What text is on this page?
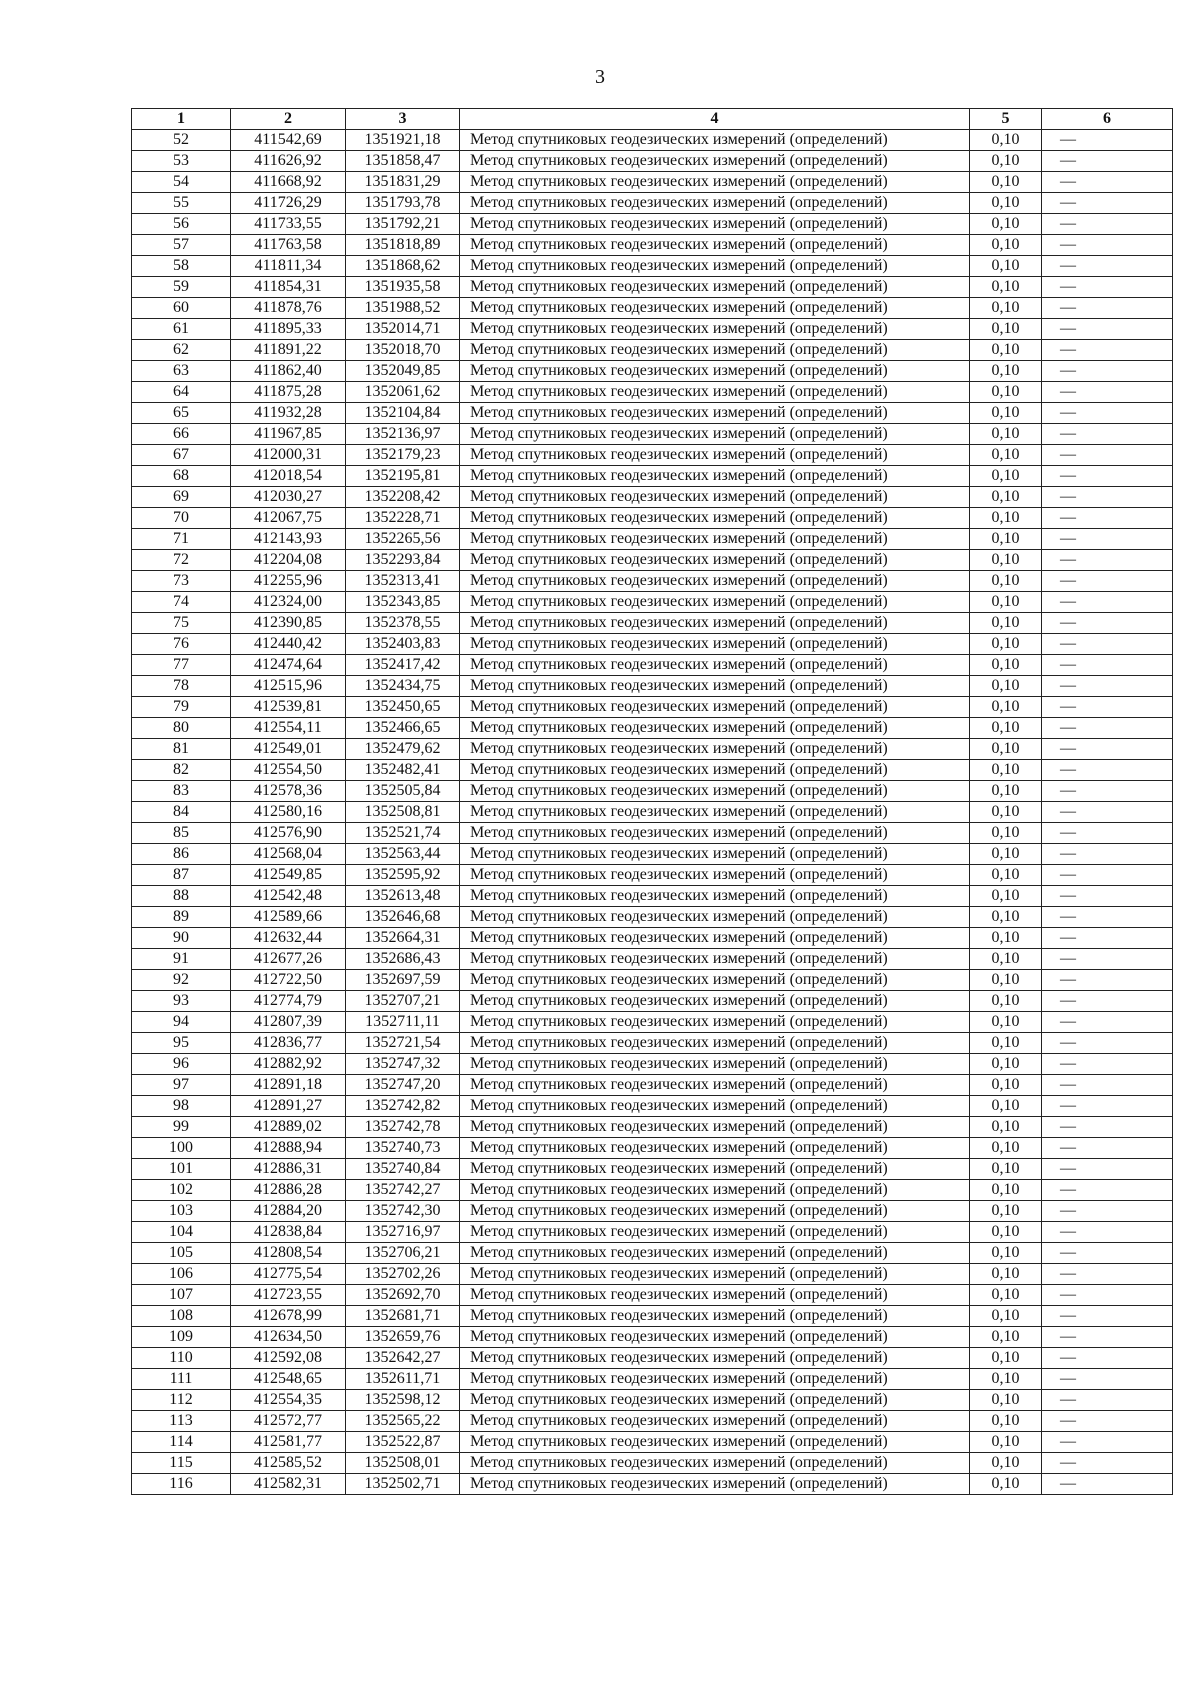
3
1	2	3	4	5	6
52	411542,69	1351921,18	Метод спутниковых геодезических измерений (определений)	0,10	—
53	411626,92	1351858,47	Метод спутниковых геодезических измерений (определений)	0,10	—
54	411668,92	1351831,29	Метод спутниковых геодезических измерений (определений)	0,10	—
55	411726,29	1351793,78	Метод спутниковых геодезических измерений (определений)	0,10	—
56	411733,55	1351792,21	Метод спутниковых геодезических измерений (определений)	0,10	—
57	411763,58	1351818,89	Метод спутниковых геодезических измерений (определений)	0,10	—
58	411811,34	1351868,62	Метод спутниковых геодезических измерений (определений)	0,10	—
59	411854,31	1351935,58	Метод спутниковых геодезических измерений (определений)	0,10	—
60	411878,76	1351988,52	Метод спутниковых геодезических измерений (определений)	0,10	—
61	411895,33	1352014,71	Метод спутниковых геодезических измерений (определений)	0,10	—
62	411891,22	1352018,70	Метод спутниковых геодезических измерений (определений)	0,10	—
63	411862,40	1352049,85	Метод спутниковых геодезических измерений (определений)	0,10	—
64	411875,28	1352061,62	Метод спутниковых геодезических измерений (определений)	0,10	—
65	411932,28	1352104,84	Метод спутниковых геодезических измерений (определений)	0,10	—
66	411967,85	1352136,97	Метод спутниковых геодезических измерений (определений)	0,10	—
67	412000,31	1352179,23	Метод спутниковых геодезических измерений (определений)	0,10	—
68	412018,54	1352195,81	Метод спутниковых геодезических измерений (определений)	0,10	—
69	412030,27	1352208,42	Метод спутниковых геодезических измерений (определений)	0,10	—
70	412067,75	1352228,71	Метод спутниковых геодезических измерений (определений)	0,10	—
71	412143,93	1352265,56	Метод спутниковых геодезических измерений (определений)	0,10	—
72	412204,08	1352293,84	Метод спутниковых геодезических измерений (определений)	0,10	—
73	412255,96	1352313,41	Метод спутниковых геодезических измерений (определений)	0,10	—
74	412324,00	1352343,85	Метод спутниковых геодезических измерений (определений)	0,10	—
75	412390,85	1352378,55	Метод спутниковых геодезических измерений (определений)	0,10	—
76	412440,42	1352403,83	Метод спутниковых геодезических измерений (определений)	0,10	—
77	412474,64	1352417,42	Метод спутниковых геодезических измерений (определений)	0,10	—
78	412515,96	1352434,75	Метод спутниковых геодезических измерений (определений)	0,10	—
79	412539,81	1352450,65	Метод спутниковых геодезических измерений (определений)	0,10	—
80	412554,11	1352466,65	Метод спутниковых геодезических измерений (определений)	0,10	—
81	412549,01	1352479,62	Метод спутниковых геодезических измерений (определений)	0,10	—
82	412554,50	1352482,41	Метод спутниковых геодезических измерений (определений)	0,10	—
83	412578,36	1352505,84	Метод спутниковых геодезических измерений (определений)	0,10	—
84	412580,16	1352508,81	Метод спутниковых геодезических измерений (определений)	0,10	—
85	412576,90	1352521,74	Метод спутниковых геодезических измерений (определений)	0,10	—
86	412568,04	1352563,44	Метод спутниковых геодезических измерений (определений)	0,10	—
87	412549,85	1352595,92	Метод спутниковых геодезических измерений (определений)	0,10	—
88	412542,48	1352613,48	Метод спутниковых геодезических измерений (определений)	0,10	—
89	412589,66	1352646,68	Метод спутниковых геодезических измерений (определений)	0,10	—
90	412632,44	1352664,31	Метод спутниковых геодезических измерений (определений)	0,10	—
91	412677,26	1352686,43	Метод спутниковых геодезических измерений (определений)	0,10	—
92	412722,50	1352697,59	Метод спутниковых геодезических измерений (определений)	0,10	—
93	412774,79	1352707,21	Метод спутниковых геодезических измерений (определений)	0,10	—
94	412807,39	1352711,11	Метод спутниковых геодезических измерений (определений)	0,10	—
95	412836,77	1352721,54	Метод спутниковых геодезических измерений (определений)	0,10	—
96	412882,92	1352747,32	Метод спутниковых геодезических измерений (определений)	0,10	—
97	412891,18	1352747,20	Метод спутниковых геодезических измерений (определений)	0,10	—
98	412891,27	1352742,82	Метод спутниковых геодезических измерений (определений)	0,10	—
99	412889,02	1352742,78	Метод спутниковых геодезических измерений (определений)	0,10	—
100	412888,94	1352740,73	Метод спутниковых геодезических измерений (определений)	0,10	—
101	412886,31	1352740,84	Метод спутниковых геодезических измерений (определений)	0,10	—
102	412886,28	1352742,27	Метод спутниковых геодезических измерений (определений)	0,10	—
103	412884,20	1352742,30	Метод спутниковых геодезических измерений (определений)	0,10	—
104	412838,84	1352716,97	Метод спутниковых геодезических измерений (определений)	0,10	—
105	412808,54	1352706,21	Метод спутниковых геодезических измерений (определений)	0,10	—
106	412775,54	1352702,26	Метод спутниковых геодезических измерений (определений)	0,10	—
107	412723,55	1352692,70	Метод спутниковых геодезических измерений (определений)	0,10	—
108	412678,99	1352681,71	Метод спутниковых геодезических измерений (определений)	0,10	—
109	412634,50	1352659,76	Метод спутниковых геодезических измерений (определений)	0,10	—
110	412592,08	1352642,27	Метод спутниковых геодезических измерений (определений)	0,10	—
111	412548,65	1352611,71	Метод спутниковых геодезических измерений (определений)	0,10	—
112	412554,35	1352598,12	Метод спутниковых геодезических измерений (определений)	0,10	—
113	412572,77	1352565,22	Метод спутниковых геодезических измерений (определений)	0,10	—
114	412581,77	1352522,87	Метод спутниковых геодезических измерений (определений)	0,10	—
115	412585,52	1352508,01	Метод спутниковых геодезических измерений (определений)	0,10	—
116	412582,31	1352502,71	Метод спутниковых геодезических измерений (определений)	0,10	—
